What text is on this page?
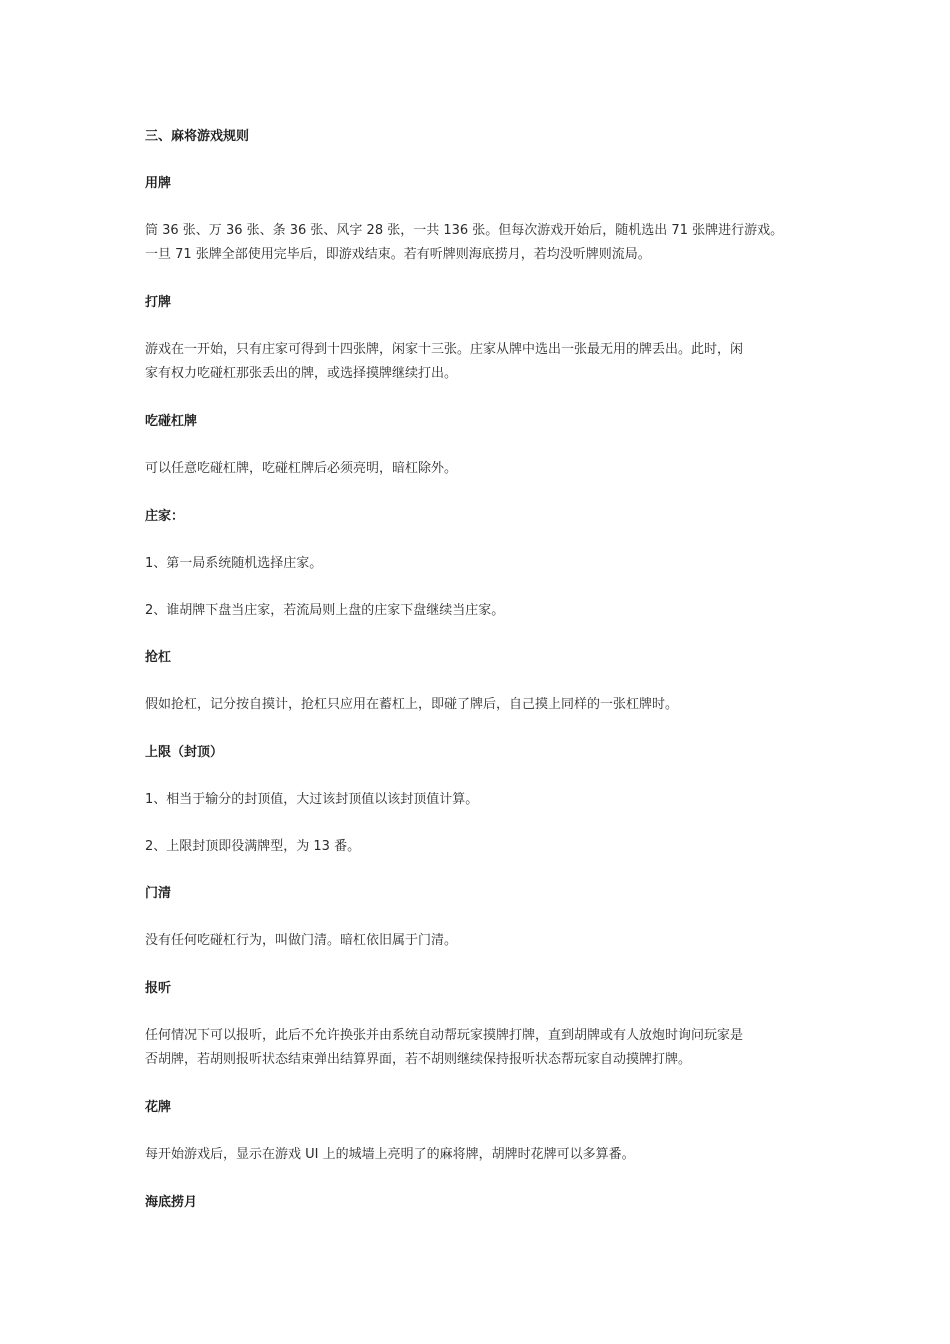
三、麻将游戏规则
用牌
筒 36 张、万 36 张、条 36 张、风字 28 张，一共 136 张。但每次游戏开始后，随机选出 71 张牌进行游戏。
一旦 71 张牌全部使用完毕后，即游戏结束。若有听牌则海底捞月，若均没听牌则流局。
打牌
游戏在一开始，只有庄家可得到十四张牌，闲家十三张。庄家从牌中选出一张最无用的牌丢出。此时，闲
家有权力吃碰杠那张丢出的牌，或选择摸牌继续打出。
吃碰杠牌
可以任意吃碰杠牌，吃碰杠牌后必须亮明，暗杠除外。
庄家：
1、第一局系统随机选择庄家。
2、谁胡牌下盘当庄家，若流局则上盘的庄家下盘继续当庄家。
抢杠
假如抢杠，记分按自摸计，抢杠只应用在蓄杠上，即碰了牌后，自己摸上同样的一张杠牌时。
上限（封顶）
1、相当于输分的封顶值，大过该封顶值以该封顶值计算。
2、上限封顶即役满牌型，为 13 番。
门清
没有任何吃碰杠行为，叫做门清。暗杠依旧属于门清。
报听
任何情况下可以报听，此后不允许换张并由系统自动帮玩家摸牌打牌，直到胡牌或有人放炮时询问玩家是
否胡牌，若胡则报听状态结束弹出结算界面，若不胡则继续保持报听状态帮玩家自动摸牌打牌。
花牌
每开始游戏后，显示在游戏 UI 上的城墙上亮明了的麻将牌，胡牌时花牌可以多算番。
海底捞月
